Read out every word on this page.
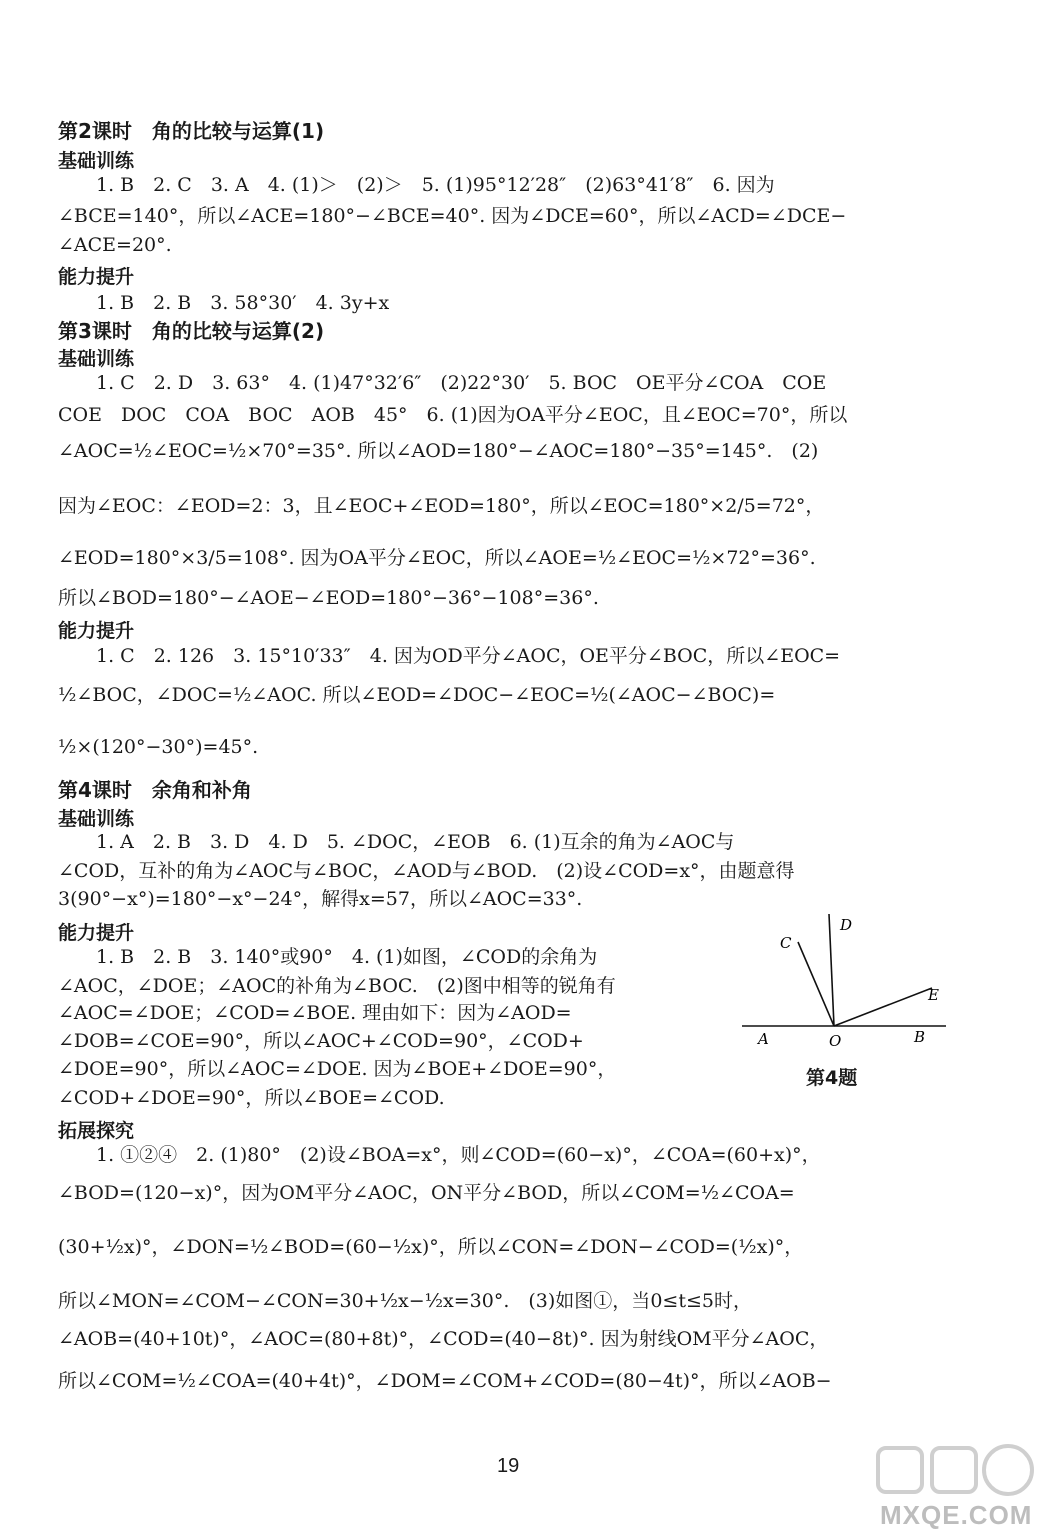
第2课时　角的比较与运算(1)
基础训练
1. B　2. C　3. A　4. (1)＞　(2)＞　5. (1)95°12′28″　(2)63°41′8″　6. 因为
∠BCE=140°，所以∠ACE=180°−∠BCE=40°. 因为∠DCE=60°，所以∠ACD=∠DCE−
∠ACE=20°.
能力提升
1. B　2. B　3. 58°30′　4. 3y+x
第3课时　角的比较与运算(2)
基础训练
1. C　2. D　3. 63°　4. (1)47°32′6″　(2)22°30′　5. BOC　OE平分∠COA　COE
COE　DOC　COA　BOC　AOB　45°　6. (1)因为OA平分∠EOC，且∠EOC=70°，所以
∠AOC=½∠EOC=½×70°=35°. 所以∠AOD=180°−∠AOC=180°−35°=145°.　(2)
因为∠EOC：∠EOD=2：3，且∠EOC+∠EOD=180°，所以∠EOC=180°×2/5=72°，
∠EOD=180°×3/5=108°. 因为OA平分∠EOC，所以∠AOE=½∠EOC=½×72°=36°.
所以∠BOD=180°−∠AOE−∠EOD=180°−36°−108°=36°.
能力提升
1. C　2. 126　3. 15°10′33″　4. 因为OD平分∠AOC，OE平分∠BOC，所以∠EOC=
½∠BOC，∠DOC=½∠AOC. 所以∠EOD=∠DOC−∠EOC=½(∠AOC−∠BOC)=
½×(120°−30°)=45°.
第4课时　余角和补角
基础训练
1. A　2. B　3. D　4. D　5. ∠DOC，∠EOB　6. (1)互余的角为∠AOC与
∠COD，互补的角为∠AOC与∠BOC，∠AOD与∠BOD.　(2)设∠COD=x°，由题意得
3(90°−x°)=180°−x°−24°，解得x=57，所以∠AOC=33°.
能力提升
1. B　2. B　3. 140°或90°　4. (1)如图，∠COD的余角为
∠AOC，∠DOE；∠AOC的补角为∠BOC.　(2)图中相等的锐角有
∠AOC=∠DOE；∠COD=∠BOE. 理由如下：因为∠AOD=
∠DOB=∠COE=90°，所以∠AOC+∠COD=90°，∠COD+
∠DOE=90°，所以∠AOC=∠DOE. 因为∠BOE+∠DOE=90°，
∠COD+∠DOE=90°，所以∠BOE=∠COD.
C
D
E
O
A	B
第4题
拓展探究
1. ①②④　2. (1)80°　(2)设∠BOA=x°，则∠COD=(60−x)°，∠COA=(60+x)°，
∠BOD=(120−x)°，因为OM平分∠AOC，ON平分∠BOD，所以∠COM=½∠COA=
(30+½x)°，∠DON=½∠BOD=(60−½x)°，所以∠CON=∠DON−∠COD=(½x)°，
所以∠MON=∠COM−∠CON=30+½x−½x=30°.　(3)如图①，当0≤t≤5时，
∠AOB=(40+10t)°，∠AOC=(80+8t)°，∠COD=(40−8t)°. 因为射线OM平分∠AOC，
所以∠COM=½∠COA=(40+4t)°，∠DOM=∠COM+∠COD=(80−4t)°，所以∠AOB−
19
MXQE.COM
